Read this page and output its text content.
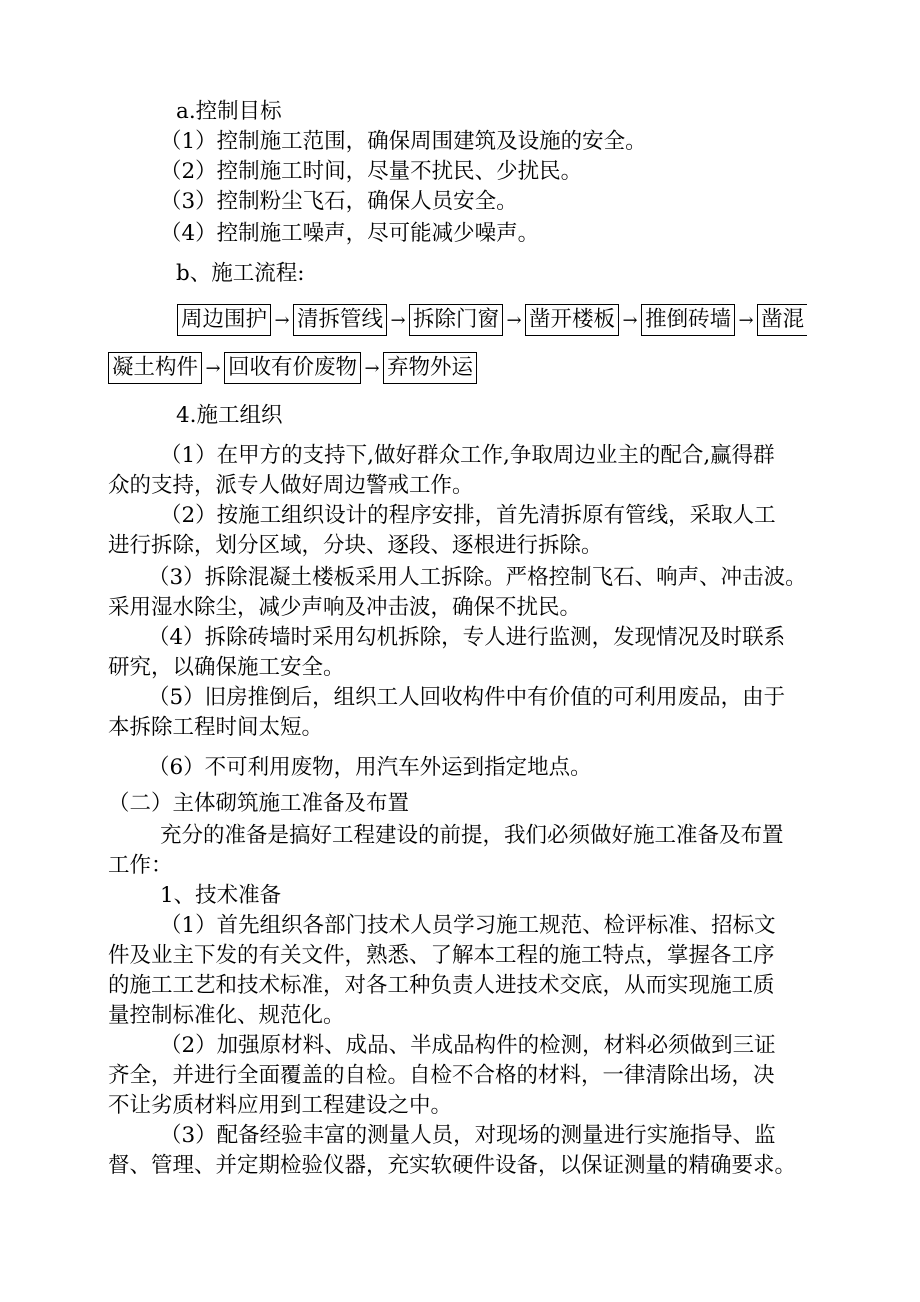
a.控制目标
（1）控制施工范围，确保周围建筑及设施的安全。
（2）控制施工时间，尽量不扰民、少扰民。
（3）控制粉尘飞石，确保人员安全。
（4）控制施工噪声，尽可能减少噪声。
b、施工流程:
周边围护 → 清拆管线 → 拆除门窗 → 凿开楼板 → 推倒砖墙 → 凿混
凝土构件 → 回收有价废物 → 弃物外运
4.施工组织
（1）在甲方的支持下,做好群众工作,争取周边业主的配合,赢得群
众的支持，派专人做好周边警戒工作。
（2）按施工组织设计的程序安排，首先清拆原有管线，采取人工
进行拆除，划分区域，分块、逐段、逐根进行拆除。
（3）拆除混凝土楼板采用人工拆除。严格控制飞石、响声、冲击波。
采用湿水除尘，减少声响及冲击波，确保不扰民。
（4）拆除砖墙时采用勾机拆除，专人进行监测，发现情况及时联系
研究，以确保施工安全。
（5）旧房推倒后，组织工人回收构件中有价值的可利用废品，由于
本拆除工程时间太短。
（6）不可利用废物，用汽车外运到指定地点。
（二）主体砌筑施工准备及布置
充分的准备是搞好工程建设的前提，我们必须做好施工准备及布置
工作：
1、技术准备
（1）首先组织各部门技术人员学习施工规范、检评标准、招标文
件及业主下发的有关文件，熟悉、了解本工程的施工特点，掌握各工序
的施工工艺和技术标准，对各工种负责人进技术交底，从而实现施工质
量控制标准化、规范化。
（2）加强原材料、成品、半成品构件的检测，材料必须做到三证
齐全，并进行全面覆盖的自检。自检不合格的材料，一律清除出场，决
不让劣质材料应用到工程建设之中。
（3）配备经验丰富的测量人员，对现场的测量进行实施指导、监
督、管理、并定期检验仪器，充实软硬件设备，以保证测量的精确要求。
